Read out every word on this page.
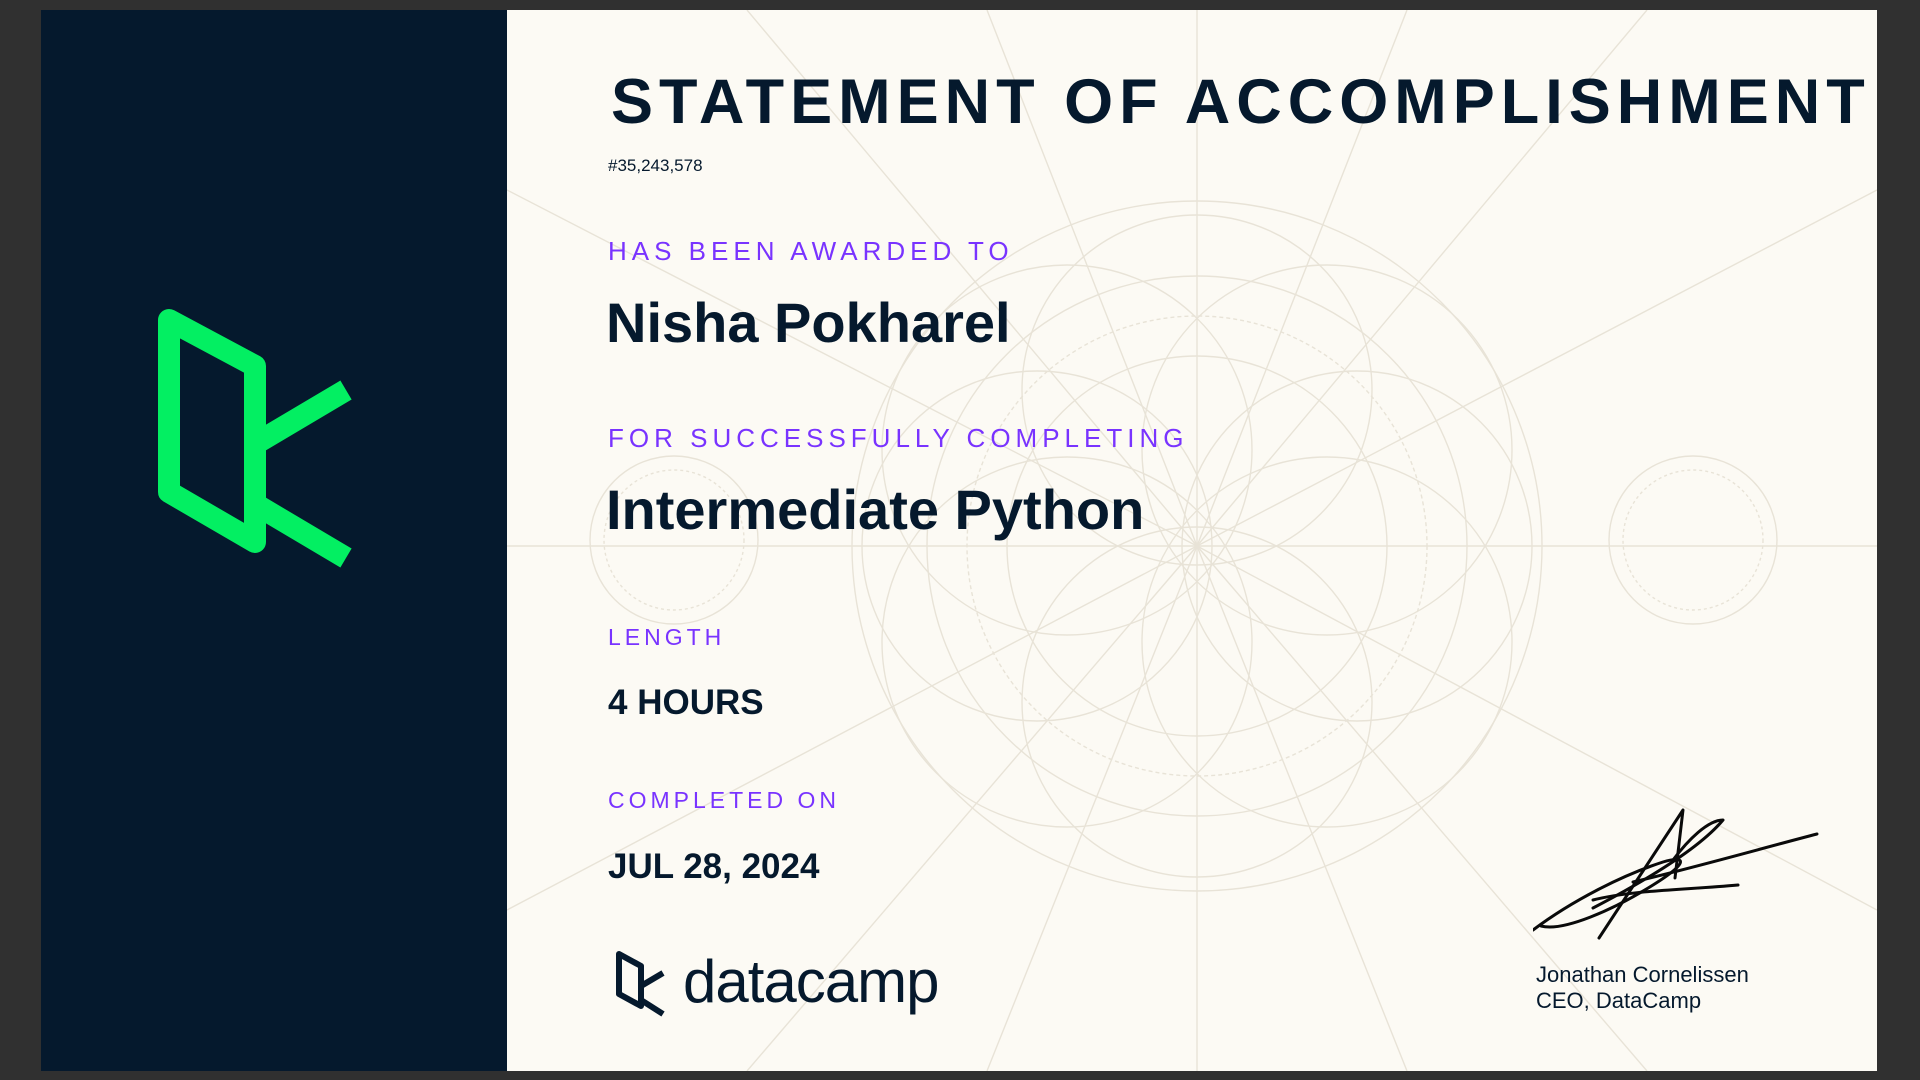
STATEMENT OF ACCOMPLISHMENT
#35,243,578
HAS BEEN AWARDED TO
Nisha Pokharel
FOR SUCCESSFULLY COMPLETING
Intermediate Python
LENGTH
4 HOURS
COMPLETED ON
JUL 28, 2024
datacamp	Jonathan Cornelissen
CEO, DataCamp
